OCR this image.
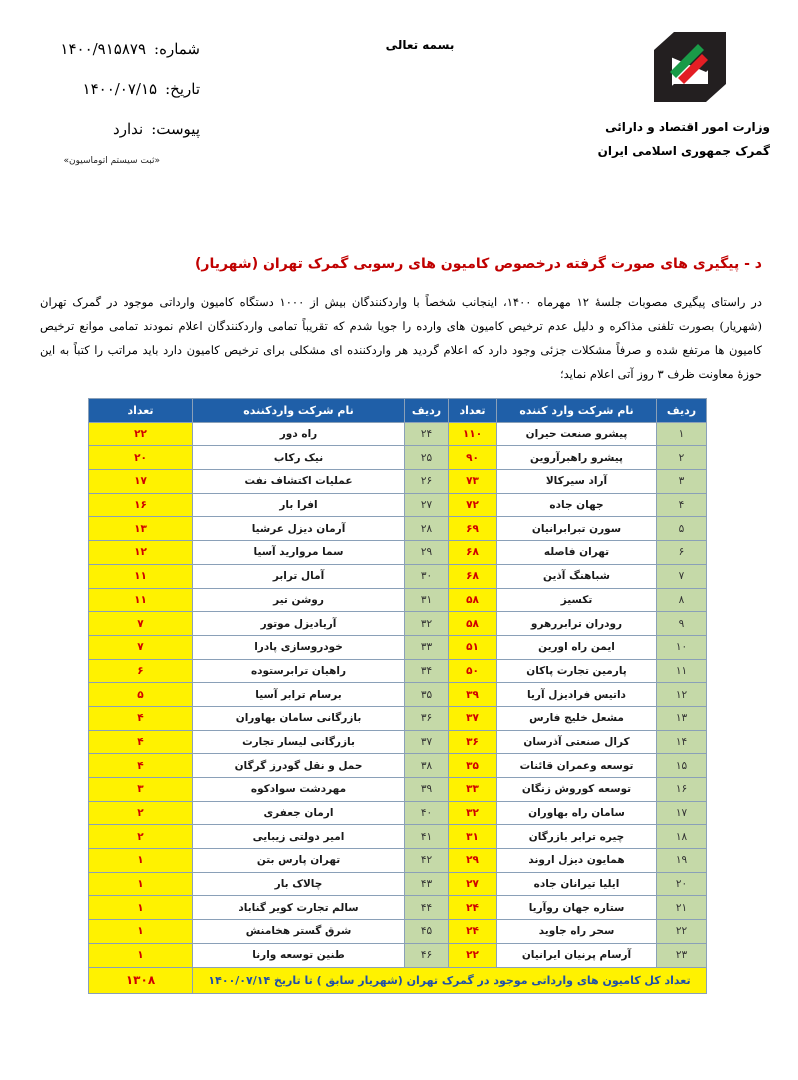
بسمه تعالی
شماره:۱۴۰۰/۹۱۵۸۷۹
تاریخ:۱۴۰۰/۰۷/۱۵
پیوست:ندارد
«ثبت سیستم اتوماسیون»
وزارت امور اقتصاد و دارائی
گمرک جمهوری اسلامی ایران
د - پیگیری های صورت گرفته درخصوص کامیون های رسوبی گمرک تهران (شهریار)
در راستای پیگیری مصوبات جلسۀ ۱۲ مهرماه ۱۴۰۰، اینجانب شخصاً با واردکنندگان بیش از ۱۰۰۰ دستگاه کامیون وارداتی موجود در گمرک تهران (شهریار) بصورت تلفنی مذاکره و دلیل عدم ترخیص کامیون های وارده را جویا شدم که تقریباً تمامی واردکنندگان اعلام نمودند تمامی موانع ترخیص کامیون ها مرتفع شده و صرفاً مشکلات جزئی وجود دارد که اعلام گردید هر واردکننده ای مشکلی برای ترخیص کامیون دارد باید مراتب را کتباً به این حوزۀ معاونت ظرف ۳ روز آتی اعلام نماید؛
ردیف	نام شرکت وارد کننده	تعداد	ردیف	نام شرکت واردکننده	تعداد
۱	پیشرو صنعت حیران	۱۱۰	۲۴	راه دور	۲۲
۲	پیشرو راهبرآروین	۹۰	۲۵	نیک رکاب	۲۰
۳	آراد سیرکالا	۷۳	۲۶	عملیات اکتشاف نفت	۱۷
۴	جهان جاده	۷۲	۲۷	افرا بار	۱۶
۵	سورن تبرابرانیان	۶۹	۲۸	آرمان دیزل عرشیا	۱۳
۶	تهران فاصله	۶۸	۲۹	سما مروارید آسیا	۱۲
۷	شباهنگ آذین	۶۸	۳۰	آمال ترابر	۱۱
۸	تکسیز	۵۸	۳۱	روشن تیر	۱۱
۹	رودران ترابررهرو	۵۸	۳۲	آریادیزل موتور	۷
۱۰	ایمن راه اورین	۵۱	۳۳	خودروسازی پادرا	۷
۱۱	پارمین تجارت پاکان	۵۰	۳۴	راهیان ترابرستوده	۶
۱۲	داتیس فرادیزل آریا	۳۹	۳۵	برسام ترابر آسیا	۵
۱۳	مشعل خلیج فارس	۳۷	۳۶	بازرگانی سامان بهاوران	۴
۱۴	کرال صنعتی آذرسان	۳۶	۳۷	بازرگانی لیسار تجارت	۴
۱۵	توسعه وعمران قائنات	۳۵	۳۸	حمل و نقل گودرز گرگان	۴
۱۶	توسعه کوروش زنگان	۳۳	۳۹	مهردشت سوادکوه	۳
۱۷	سامان راه بهاوران	۳۲	۴۰	ارمان جعفری	۲
۱۸	چیره ترابر بازرگان	۳۱	۴۱	امیر دولتی زیبایی	۲
۱۹	همایون دیزل اروند	۲۹	۴۲	تهران پارس بتن	۱
۲۰	ایلیا تیرانان جاده	۲۷	۴۳	چالاک بار	۱
۲۱	ستاره جهان روآریا	۲۴	۴۴	سالم تجارت کویر گناباد	۱
۲۲	سحر راه جاوید	۲۴	۴۵	شرق گستر هخامنش	۱
۲۳	آرسام پرنیان ایرانیان	۲۲	۴۶	طنین توسعه وارنا	۱
تعداد کل کامیون های وارداتی موجود در گمرک تهران (شهریار سابق ) تا تاریخ ۱۴۰۰/۰۷/۱۴					۱۳۰۸
